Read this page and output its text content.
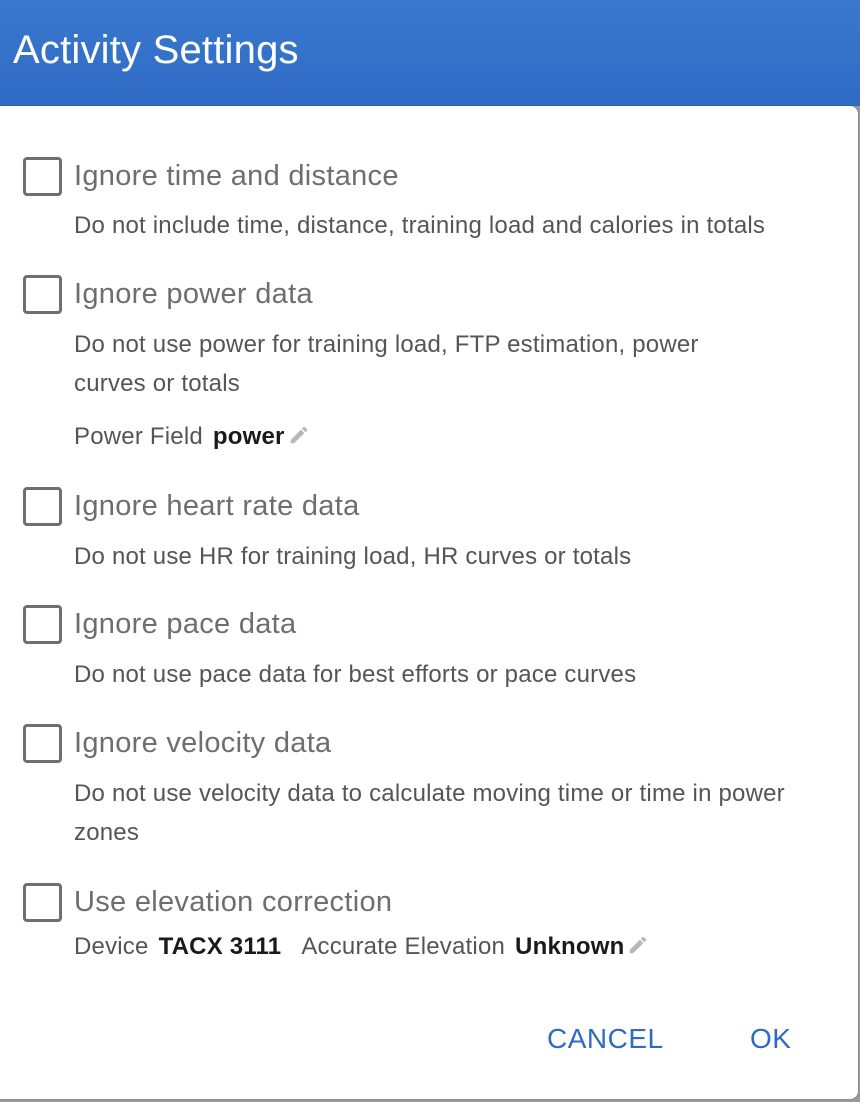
Activity Settings
Ignore time and distance
Do not include time, distance, training load and calories in totals
Ignore power data
Do not use power for training load, FTP estimation, power curves or totals
Power Field power
Ignore heart rate data
Do not use HR for training load, HR curves or totals
Ignore pace data
Do not use pace data for best efforts or pace curves
Ignore velocity data
Do not use velocity data to calculate moving time or time in power zones
Use elevation correction
Device TACX 3111 Accurate Elevation Unknown
CANCEL	OK
